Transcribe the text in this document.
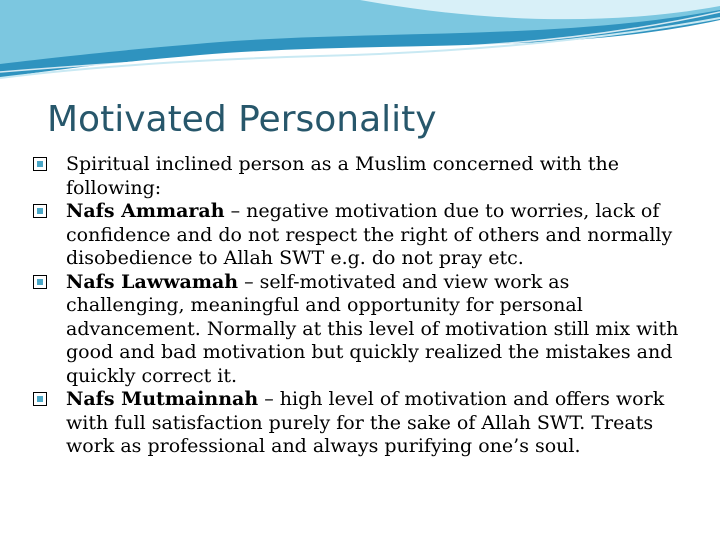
Motivated Personality

Spiritual inclined person as a Muslim concerned with the following:

Nafs Ammarah – negative motivation due to worries, lack of confidence and do not respect the right of others and normally disobedience to Allah SWT e.g. do not pray etc.

Nafs Lawwamah – self-motivated and view work as challenging, meaningful and opportunity for personal advancement. Normally at this level of motivation still mix with good and bad motivation but quickly realized the mistakes and quickly correct it.

Nafs Mutmainnah – high level of motivation and offers work with full satisfaction purely for the sake of Allah SWT. Treats work as professional and always purifying one’s soul.
